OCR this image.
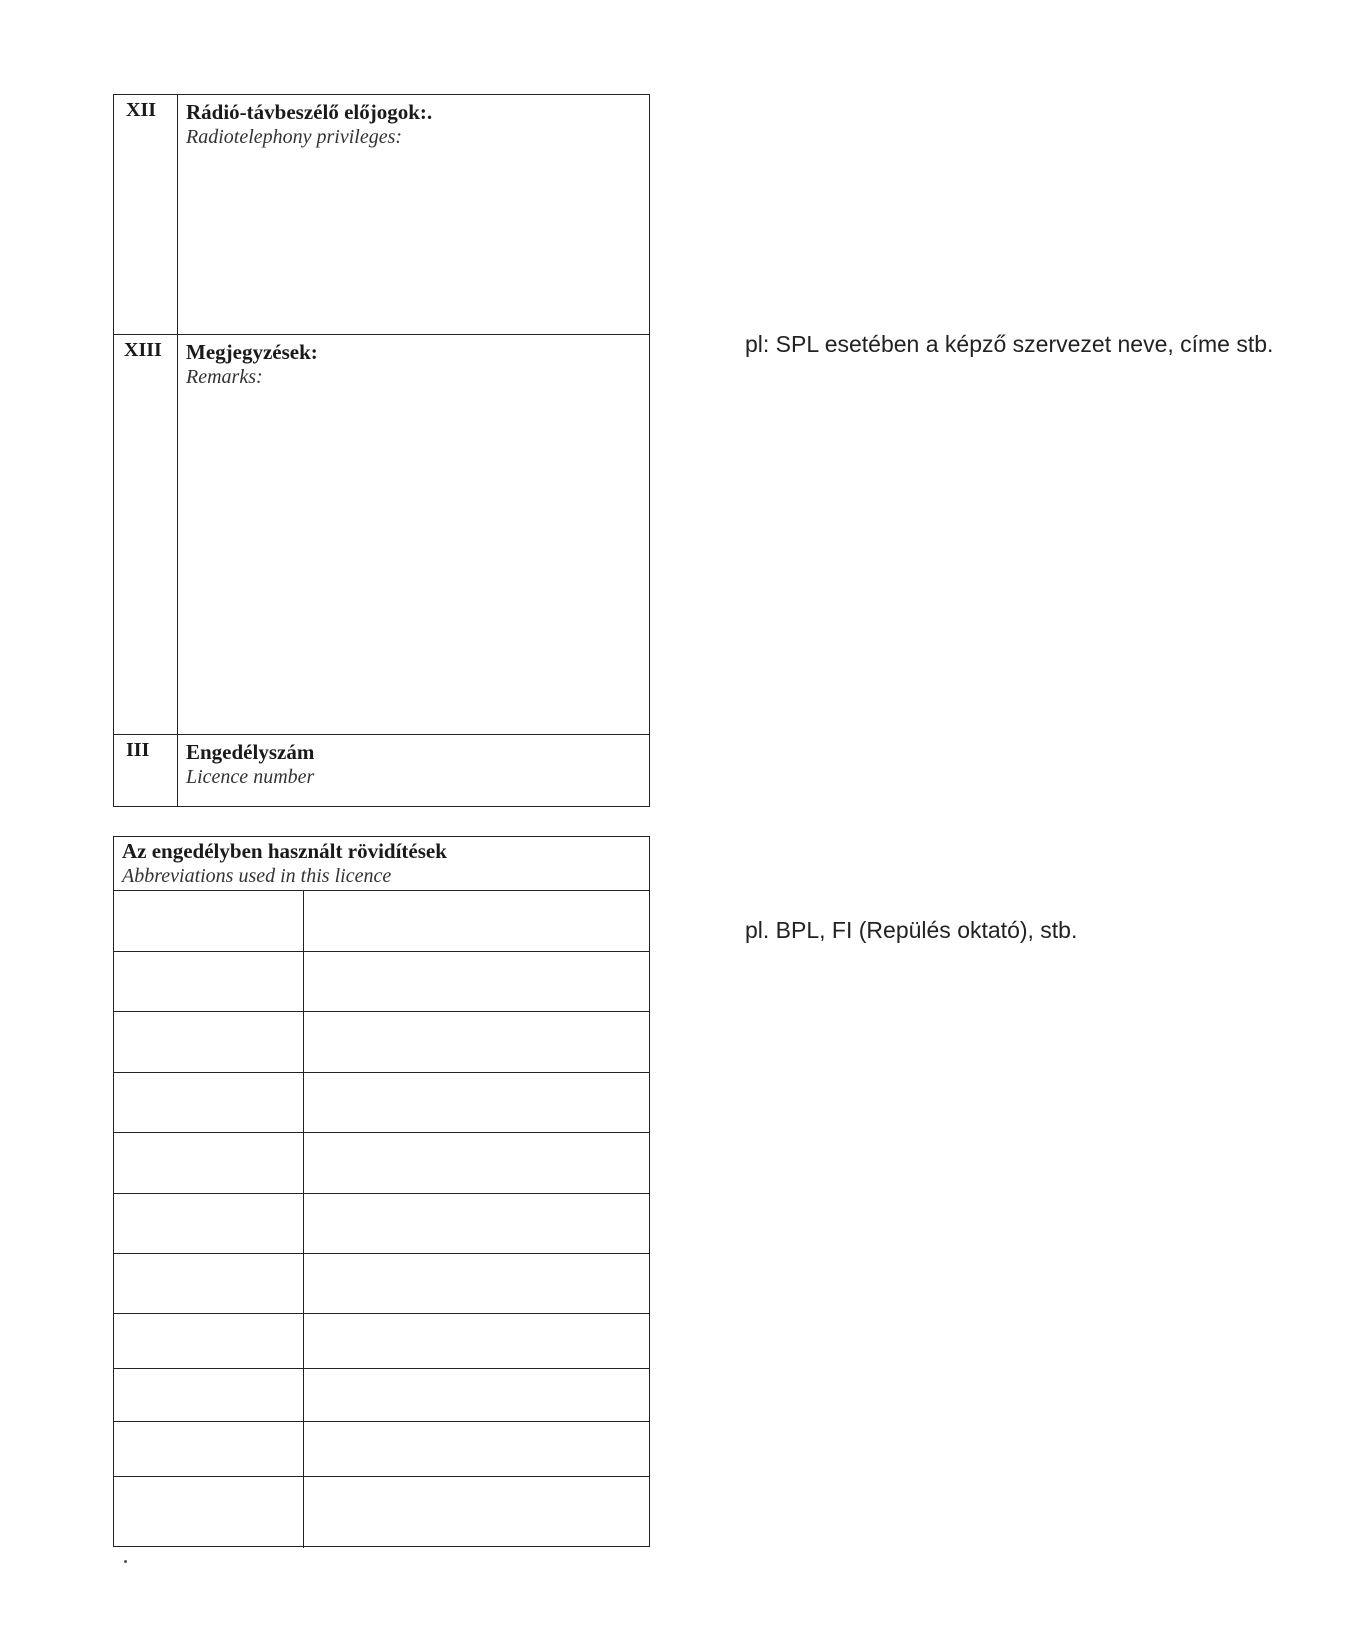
XII	Rádió-távbeszélő előjogok:.
Radiotelephony privileges:
XIII	Megjegyzések:
Remarks:
III	Engedélyszám
Licence number
Az engedélyben használt rövidítések
Abbreviations used in this licence
pl: SPL esetében a képző szervezet neve, címe stb.
pl. BPL, FI (Repülés oktató), stb.
